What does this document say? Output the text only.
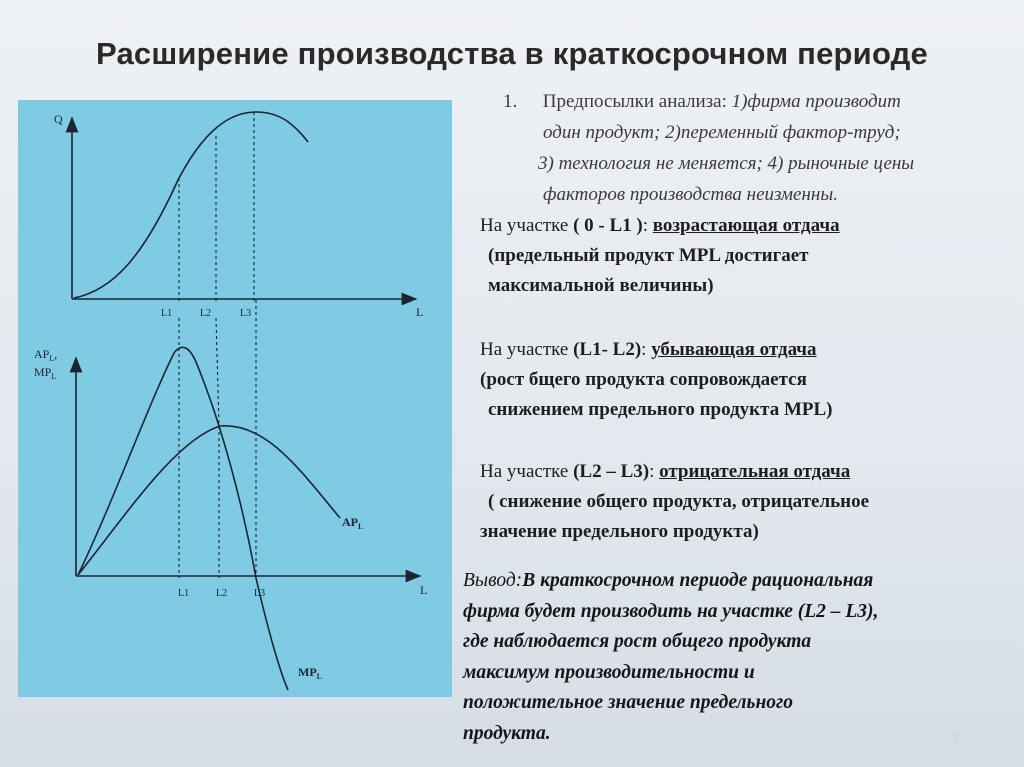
Расширение производства в краткосрочном периоде
Q
L
L1	L2	L3
$AP_L$,
$MP_L$
L
L1	L2	L3
$AP_L$
$MP_L$
1. Предпосылки анализа: 1)фирма производит
один продукт; 2)переменный фактор-труд;
3) технология не меняется; 4) рыночные цены
факторов производства неизменны.
На участке ( 0 - L1 ): возрастающая отдача
(предельный продукт MPL достигает
максимальной величины)
На участке (L1- L2): убывающая отдача
(рост бщего продукта сопровождается
снижением предельного продукта MPL)
На участке (L2 – L3): отрицательная отдача
( снижение общего продукта, отрицательное
значение предельного продукта)
Вывод:В краткосрочном периоде рациональная
фирма будет производить на участке (L2 – L3),
где наблюдается рост общего продукта
максимум производительности и
положительное значение предельного
продукта.	2
